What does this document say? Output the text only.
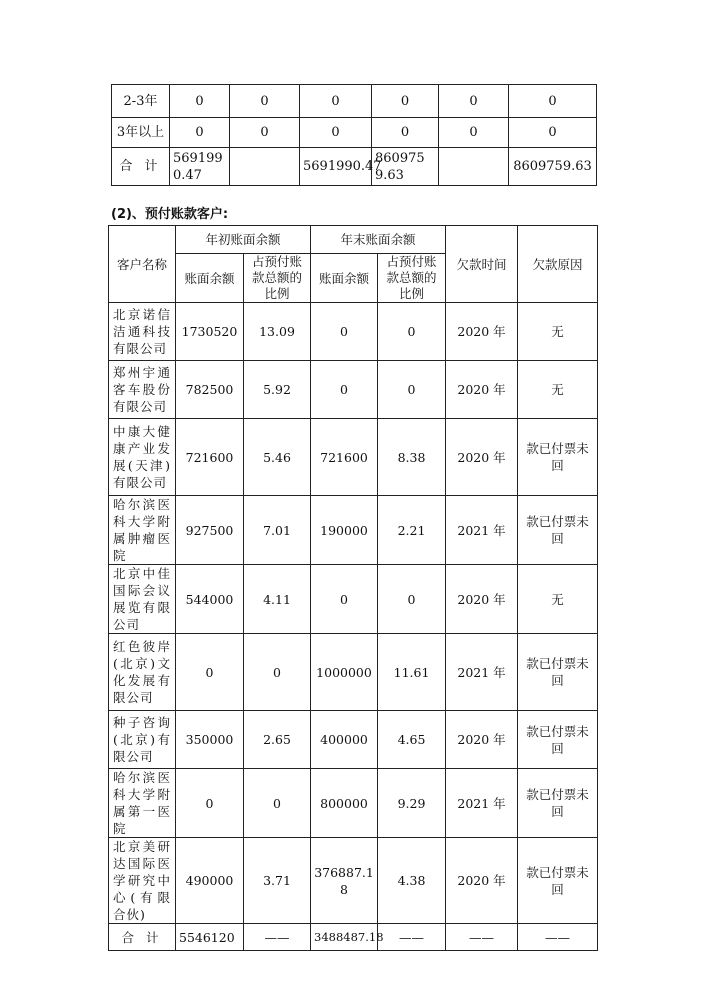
2-3年	0	0	0	0	0	0
3年以上	0	0	0	0	0	0
合 计	5691990.47		5691990.47	8609759.63		8609759.63
(2)、预付账款客户:
客户名称	年初账面余额		年末账面余额		欠款时间	欠款原因
	账面余额	占预付账款总额的比例	账面余额	占预付账款总额的比例		
北京诺信洁通科技有限公司	1730520	13.09	0	0	2020 年	无
郑州宇通客车股份有限公司	782500	5.92	0	0	2020 年	无
中康大健康产业发展(天津)有限公司	721600	5.46	721600	8.38	2020 年	款已付票未回
哈尔滨医科大学附属肿瘤医院	927500	7.01	190000	2.21	2021 年	款已付票未回
北京中佳国际会议展览有限公司	544000	4.11	0	0	2020 年	无
红色彼岸(北京)文化发展有限公司	0	0	1000000	11.61	2021 年	款已付票未回
种子咨询(北京)有限公司	350000	2.65	400000	4.65	2020 年	款已付票未回
哈尔滨医科大学附属第一医院	0	0	800000	9.29	2021 年	款已付票未回
北京美研达国际医学研究中心(有限合伙)	490000	3.71	376887.18	4.38	2020 年	款已付票未回
合 计	5546120	——	3488487.18	——	——	——
